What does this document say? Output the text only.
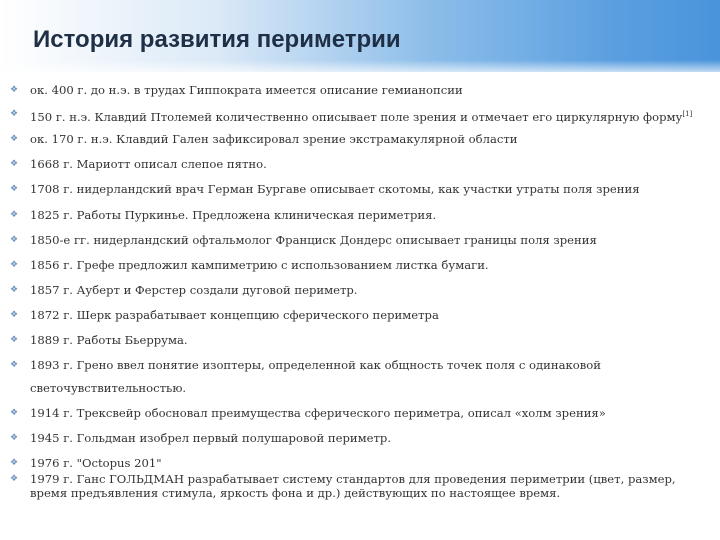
История развития периметрии
❖	ок. 400 г. до н.э. в трудах Гиппократа имеется описание гемианопсии
❖	150 г. н.э. Клавдий Птолемей количественно описывает поле зрения и отмечает его циркулярную форму[1]
❖	ок. 170 г. н.э. Клавдий Гален зафиксировал зрение экстрамакулярной области
❖	1668 г. Мариотт описал слепое пятно.
❖	1708 г. нидерландский врач Герман Бургаве описывает скотомы, как участки утраты поля зрения
❖	1825 г. Работы Пуркинье. Предложена клиническая периметрия.
❖	1850-е гг. нидерландский офтальмолог Франциск Дондерс описывает границы поля зрения
❖	1856 г. Грефе предложил кампиметрию с использованием листка бумаги.
❖	1857 г. Ауберт и Ферстер создали дуговой периметр.
❖	1872 г. Шерк разрабатывает концепцию сферического периметра
❖	1889 г. Работы Бьеррума.
❖	1893 г. Грено ввел понятие изоптеры, определенной как общность точек поля с одинаковой светочувствительностью.
❖	1914 г. Трексвейр обосновал преимущества сферического периметра, описал «холм зрения»
❖	1945 г. Гольдман изобрел первый полушаровой периметр.
❖	1976 г. "Octopus 201"
❖	1979 г. Ганс ГОЛЬДМАН разрабатывает систему стандартов для проведения периметрии (цвет, размер, время предъявления стимула, яркость фона и др.) действующих по настоящее время.
